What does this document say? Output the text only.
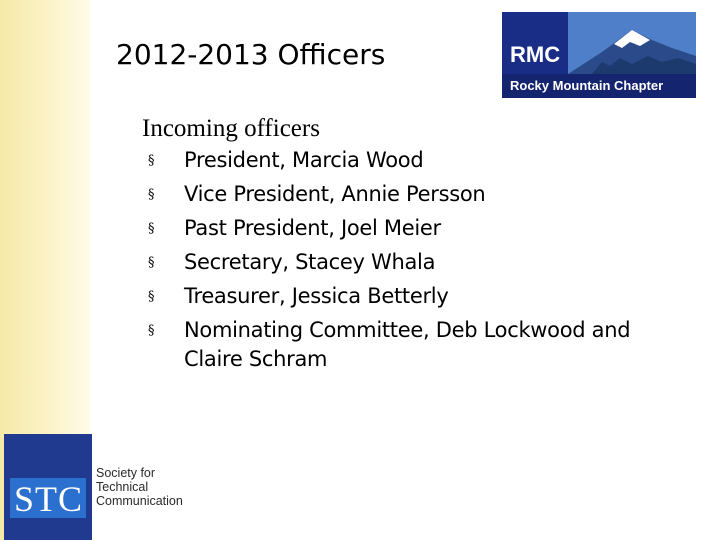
2012-2013 Officers	RMC
Rocky Mountain Chapter
Incoming officers
§ President, Marcia Wood
§ Vice President, Annie Persson
§ Past President, Joel Meier
§ Secretary, Stacey Whala
§ Treasurer, Jessica Betterly
§ Nominating Committee, Deb Lockwood and Claire Schram
STC
Society for
Technical
Communication
